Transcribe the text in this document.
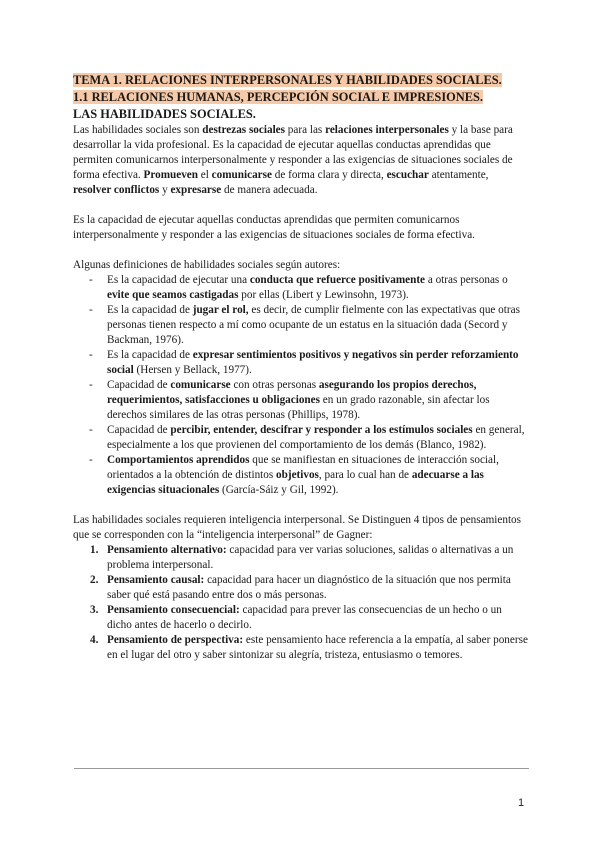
TEMA 1. RELACIONES INTERPERSONALES Y HABILIDADES SOCIALES.
1.1 RELACIONES HUMANAS, PERCEPCIÓN SOCIAL E IMPRESIONES.
LAS HABILIDADES SOCIALES.

Las habilidades sociales son destrezas sociales para las relaciones interpersonales y la base para desarrollar la vida profesional. Es la capacidad de ejecutar aquellas conductas aprendidas que permiten comunicarnos interpersonalmente y responder a las exigencias de situaciones sociales de forma efectiva. Promueven el comunicarse de forma clara y directa, escuchar atentamente, resolver conflictos y expresarse de manera adecuada.

Es la capacidad de ejecutar aquellas conductas aprendidas que permiten comunicarnos interpersonalmente y responder a las exigencias de situaciones sociales de forma efectiva.

Algunas definiciones de habilidades sociales según autores:

- Es la capacidad de ejecutar una conducta que refuerce positivamente a otras personas o evite que seamos castigadas por ellas (Libert y Lewinsohn, 1973).
- Es la capacidad de jugar el rol, es decir, de cumplir fielmente con las expectativas que otras personas tienen respecto a mí como ocupante de un estatus en la situación dada (Secord y Backman, 1976).
- Es la capacidad de expresar sentimientos positivos y negativos sin perder reforzamiento social (Hersen y Bellack, 1977).
- Capacidad de comunicarse con otras personas asegurando los propios derechos, requerimientos, satisfacciones u obligaciones en un grado razonable, sin afectar los derechos similares de las otras personas (Phillips, 1978).
- Capacidad de percibir, entender, descifrar y responder a los estímulos sociales en general, especialmente a los que provienen del comportamiento de los demás (Blanco, 1982).
- Comportamientos aprendidos que se manifiestan en situaciones de interacción social, orientados a la obtención de distintos objetivos, para lo cual han de adecuarse a las exigencias situacionales (García-Sáiz y Gil, 1992).

Las habilidades sociales requieren inteligencia interpersonal. Se Distinguen 4 tipos de pensamientos que se corresponden con la “inteligencia interpersonal” de Gagner:

1. Pensamiento alternativo: capacidad para ver varias soluciones, salidas o alternativas a un problema interpersonal.
2. Pensamiento causal: capacidad para hacer un diagnóstico de la situación que nos permita saber qué está pasando entre dos o más personas.
3. Pensamiento consecuencial: capacidad para prever las consecuencias de un hecho o un dicho antes de hacerlo o decirlo.
4. Pensamiento de perspectiva: este pensamiento hace referencia a la empatía, al saber ponerse en el lugar del otro y saber sintonizar su alegría, tristeza, entusiasmo o temores.
1
